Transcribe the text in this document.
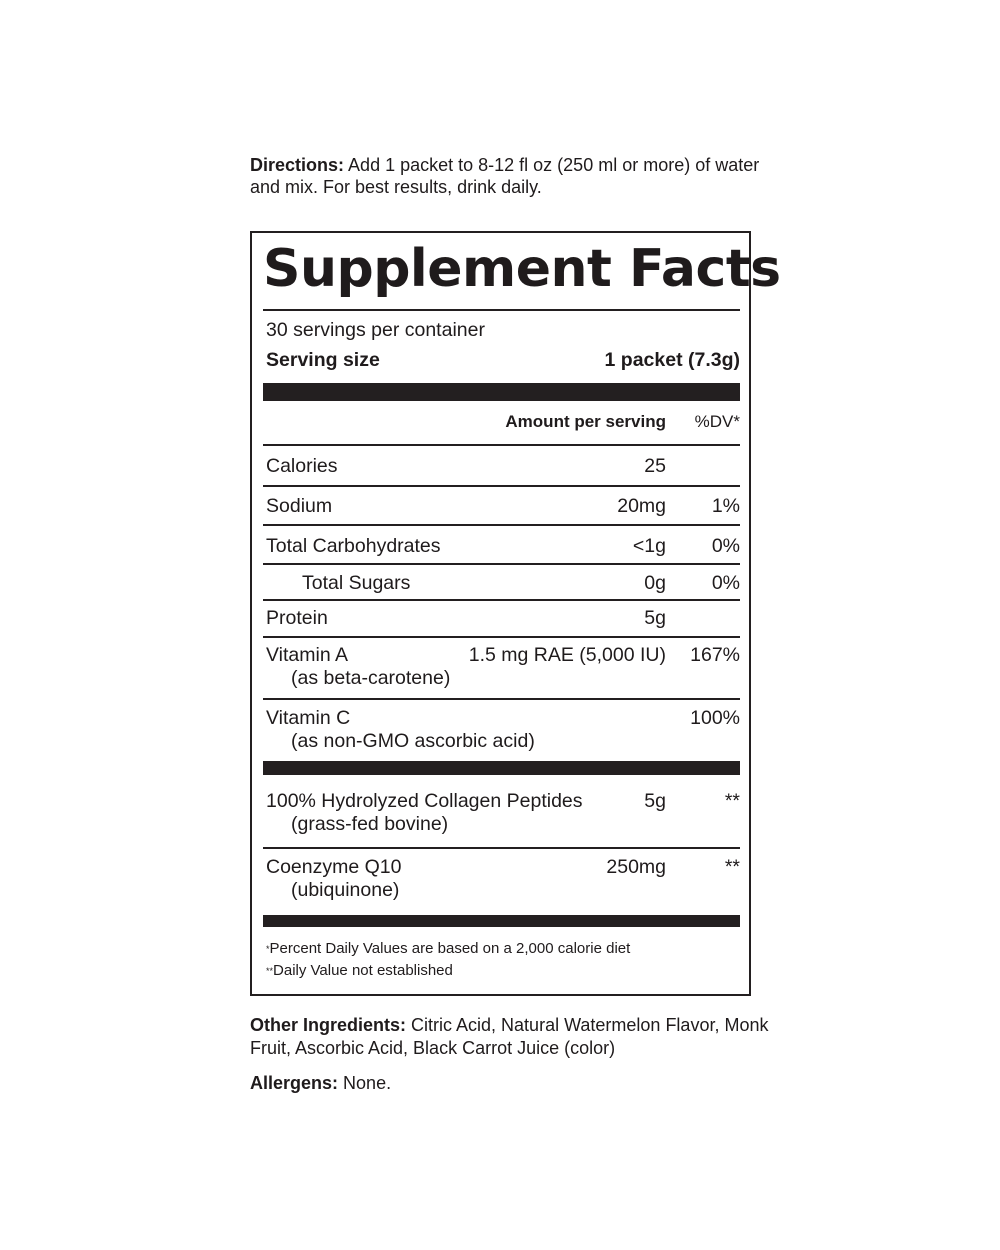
Directions: Add 1 packet to 8-12 fl oz (250 ml or more) of water and mix. For best results, drink daily.
Supplement Facts
30 servings per container
Serving size	1 packet (7.3g)
Amount per serving %DV*
Calories	25
Sodium	20mg 1%
Total Carbohydrates	<1g 0%
Total Sugars	0g 0%
Protein	5g
Vitamin A
(as beta-carotene)
1.5 mg RAE (5,000 IU) 167%
Vitamin C
(as non-GMO ascorbic acid)
100%
100% Hydrolyzed Collagen Peptides
(grass-fed bovine)
5g	**
Coenzyme Q10
(ubiquinone)
250mg	**
*Percent Daily Values are based on a 2,000 calorie diet
**Daily Value not established
Other Ingredients: Citric Acid, Natural Watermelon Flavor, Monk Fruit, Ascorbic Acid, Black Carrot Juice (color)
Allergens: None.
